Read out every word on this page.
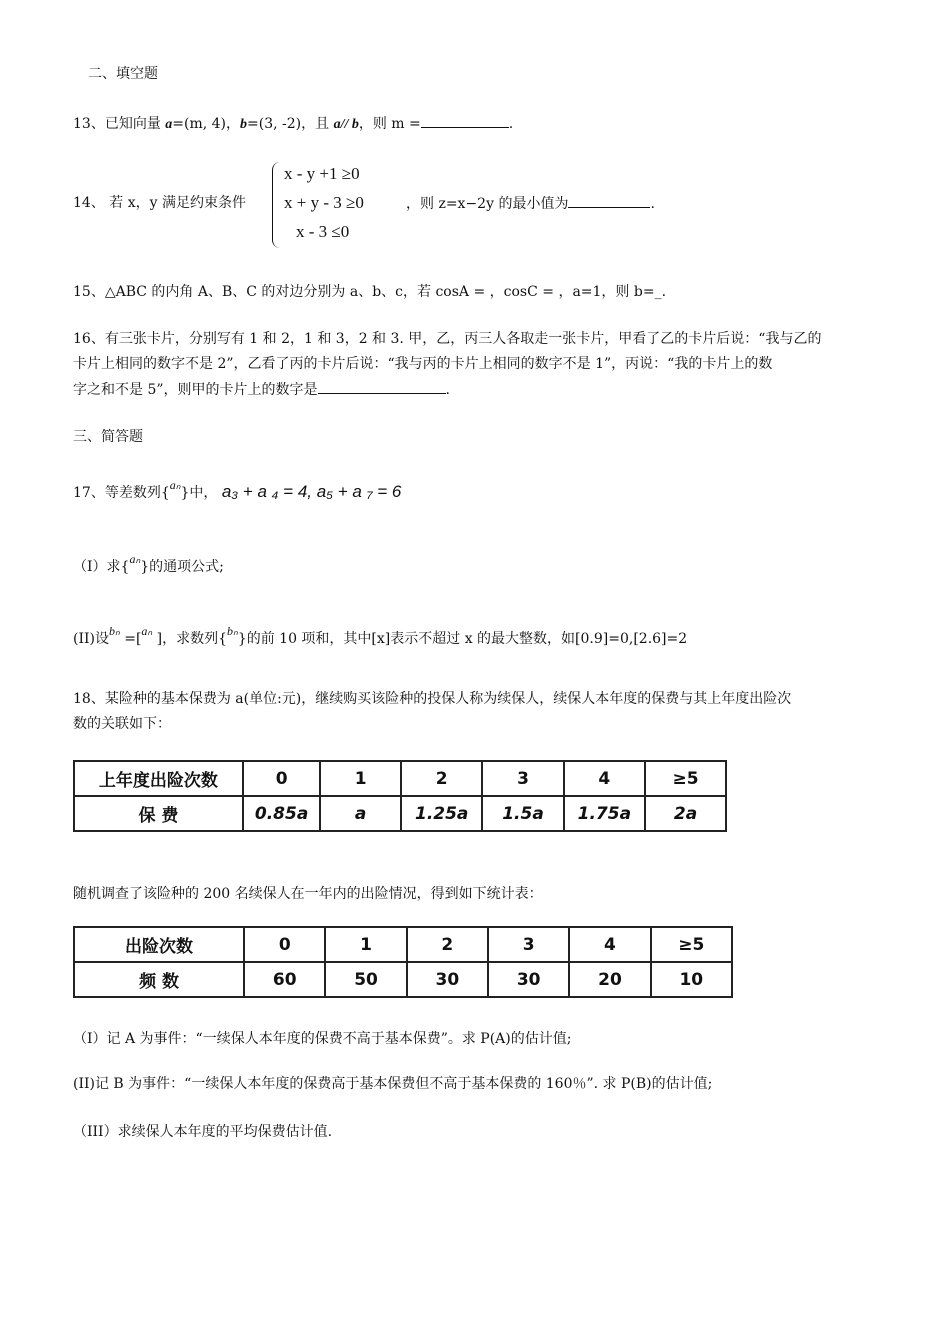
二、填空题
13、已知向量 a=(m, 4)，b=(3, -2)，且 a// b，则 m =	.
14、 若 x，y 满足约束条件
x - y +1 ≥0
x + y - 3 ≥0
x - 3 ≤0
，则 z=x−2y 的最小值为	.
15、△ABC 的内角 A、B、C 的对边分别为 a、b、c，若 cosA = ，cosC = ，a=1，则 b=_.
16、有三张卡片，分别写有 1 和 2，1 和 3，2 和 3. 甲，乙，丙三人各取走一张卡片，甲看了乙的卡片后说：“我与乙的
卡片上相同的数字不是 2”，乙看了丙的卡片后说：“我与丙的卡片上相同的数字不是 1”，丙说：“我的卡片上的数
字之和不是 5”，则甲的卡片上的数字是	.
三、简答题
17、等差数列{aₙ}中， a₃ + a ₄ = 4, a₅ + a ₇ = 6
（I）求{aₙ}的通项公式;
(II)设bₙ =[aₙ ]，求数列{bₙ}的前 10 项和，其中[x]表示不超过 x 的最大整数，如[0.9]=0,[2.6]=2
18、某险种的基本保费为 a(单位:元)，继续购买该险种的投保人称为续保人，续保人本年度的保费与其上年度出险次
数的关联如下：
上年度出险次数	0	1	2	3	4	≥5
保 费	0.85a	a	1.25a	1.5a	1.75a	2a
随机调查了该险种的 200 名续保人在一年内的出险情况，得到如下统计表：
出险次数	0	1	2	3	4	≥5
频 数	60	50	30	30	20	10
（I）记 A 为事件：“一续保人本年度的保费不高于基本保费”。求 P(A)的估计值;
(II)记 B 为事件：“一续保人本年度的保费高于基本保费但不高于基本保费的 160％”. 求 P(B)的估计值;
（III）求续保人本年度的平均保费估计值.
